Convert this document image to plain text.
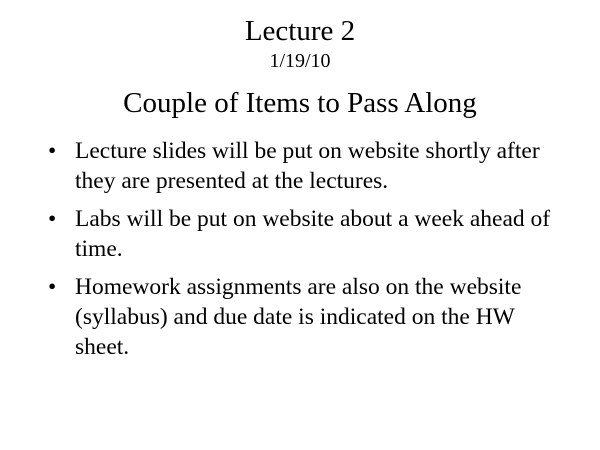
Lecture 2
1/19/10
Couple of Items to Pass Along
• Lecture slides will be put on website shortly after they are presented at the lectures.
• Labs will be put on website about a week ahead of time.
• Homework assignments are also on the website (syllabus) and due date is indicated on the HW sheet.
